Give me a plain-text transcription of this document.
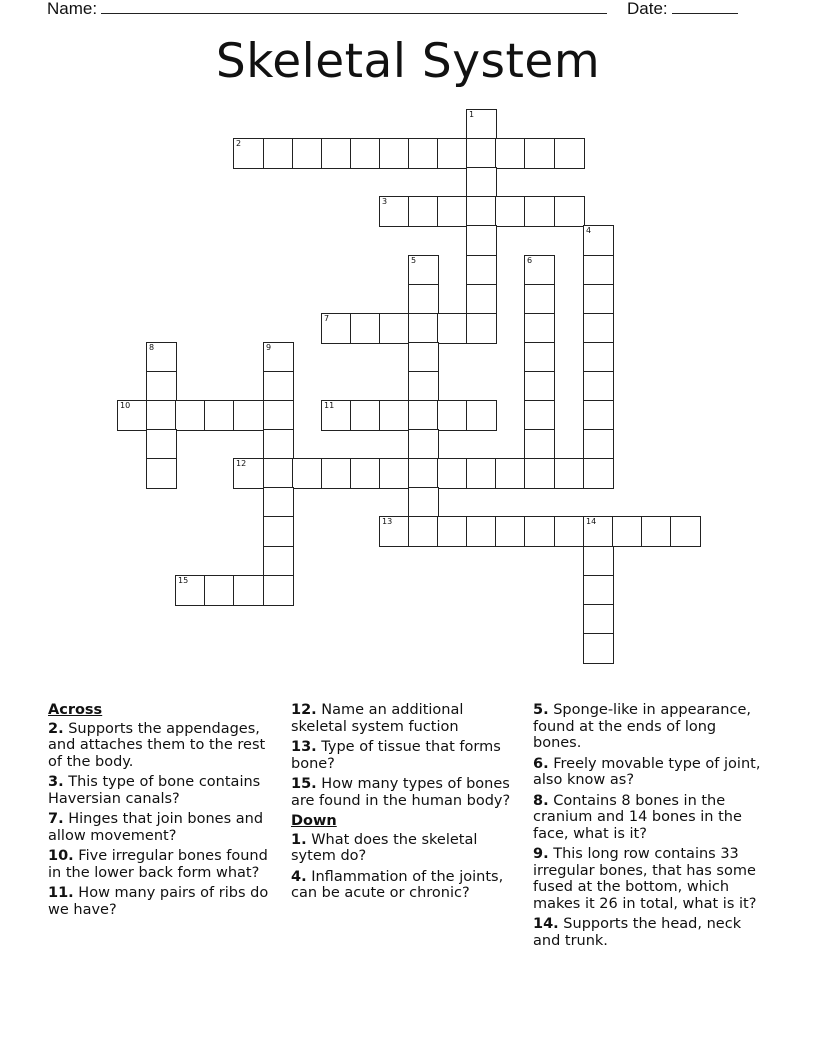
Name:	Date:
Skeletal System
1
2
3
4
5	6
7
8	9
10	11
12
13	14
15
Across
2. Supports the appendages, and attaches them to the rest of the body.
3. This type of bone contains Haversian canals?
7. Hinges that join bones and allow movement?
10. Five irregular bones found in the lower back form what?
11. How many pairs of ribs do we have?
12. Name an additional skeletal system fuction
13. Type of tissue that forms bone?
15. How many types of bones are found in the human body?
Down
1. What does the skeletal sytem do?
4. Inflammation of the joints, can be acute or chronic?
5. Sponge-like in appearance, found at the ends of long bones.
6. Freely movable type of joint, also know as?
8. Contains 8 bones in the cranium and 14 bones in the face, what is it?
9. This long row contains 33 irregular bones, that has some fused at the bottom, which makes it 26 in total, what is it?
14. Supports the head, neck and trunk.
